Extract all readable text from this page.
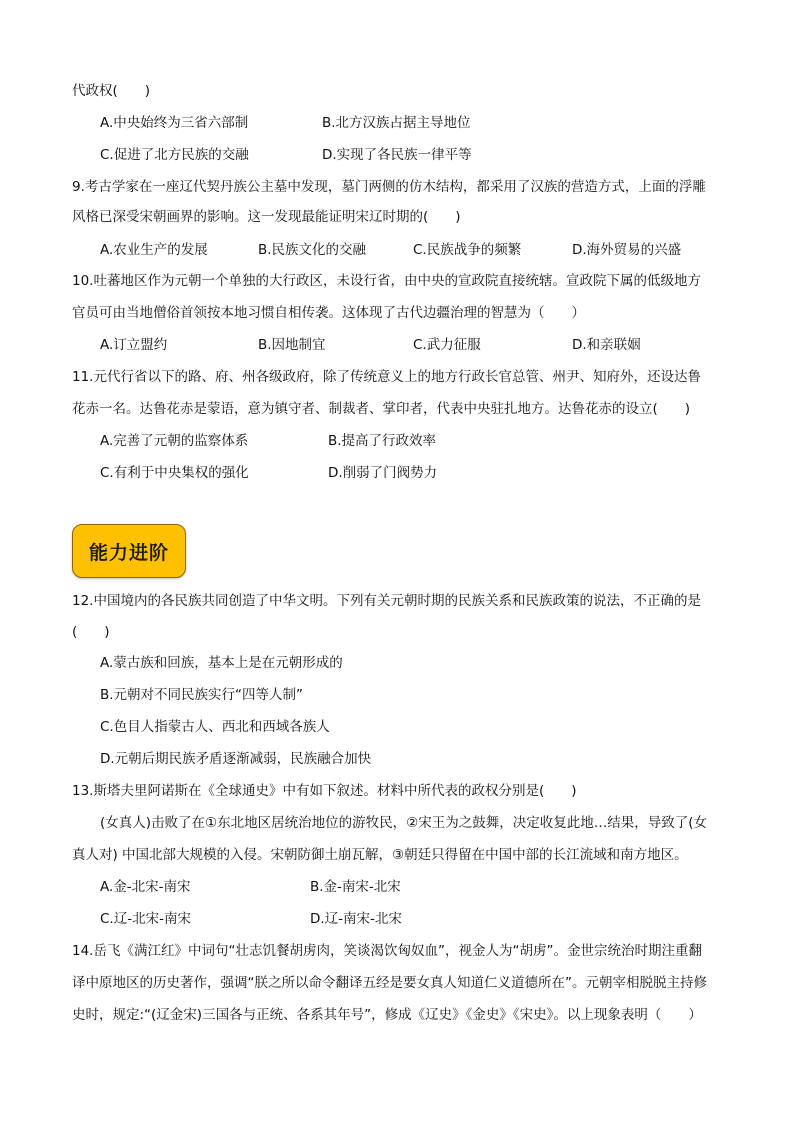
代政权(　　)
A.中央始终为三省六部制	B.北方汉族占据主导地位
C.促进了北方民族的交融	D.实现了各民族一律平等
9.考古学家在一座辽代契丹族公主墓中发现，墓门两侧的仿木结构，都采用了汉族的营造方式，上面的浮雕
风格已深受宋朝画界的影响。这一发现最能证明宋辽时期的(　　)
A.农业生产的发展	B.民族文化的交融	C.民族战争的频繁	D.海外贸易的兴盛
10.吐蕃地区作为元朝一个单独的大行政区，未设行省，由中央的宣政院直接统辖。宣政院下属的低级地方
官员可由当地僧俗首领按本地习惯自相传袭。这体现了古代边疆治理的智慧为（　　）
A.订立盟约	B.因地制宜	C.武力征服	D.和亲联姻
11.元代行省以下的路、府、州各级政府，除了传统意义上的地方行政长官总管、州尹、知府外，还设达鲁
花赤一名。达鲁花赤是蒙语，意为镇守者、制裁者、掌印者，代表中央驻扎地方。达鲁花赤的设立(　　)
A.完善了元朝的监察体系	B.提高了行政效率
C.有利于中央集权的强化	D.削弱了门阀势力
能力进阶
12.中国境内的各民族共同创造了中华文明。下列有关元朝时期的民族关系和民族政策的说法，不正确的是
(　　)
A.蒙古族和回族，基本上是在元朝形成的
B.元朝对不同民族实行“四等人制”
C.色目人指蒙古人、西北和西域各族人
D.元朝后期民族矛盾逐渐减弱，民族融合加快
13.斯塔夫里阿诺斯在《全球通史》中有如下叙述。材料中所代表的政权分别是(　　)
(女真人)击败了在①东北地区居统治地位的游牧民，②宋王为之鼓舞，决定收复此地…结果，导致了(女
真人对) 中国北部大规模的入侵。宋朝防御土崩瓦解，③朝廷只得留在中国中部的长江流域和南方地区。
A.金-北宋-南宋	B.金-南宋-北宋
C.辽-北宋-南宋	D.辽-南宋-北宋
14.岳飞《满江红》中词句“壮志饥餐胡虏肉，笑谈渴饮匈奴血”，视金人为“胡虏”。金世宗统治时期注重翻
译中原地区的历史著作，强调“朕之所以命令翻译五经是要女真人知道仁义道德所在”。元朝宰相脱脱主持修
史时，规定:“(辽金宋)三国各与正统、各系其年号”，修成《辽史》《金史》《宋史》。以上现象表明（　　）
